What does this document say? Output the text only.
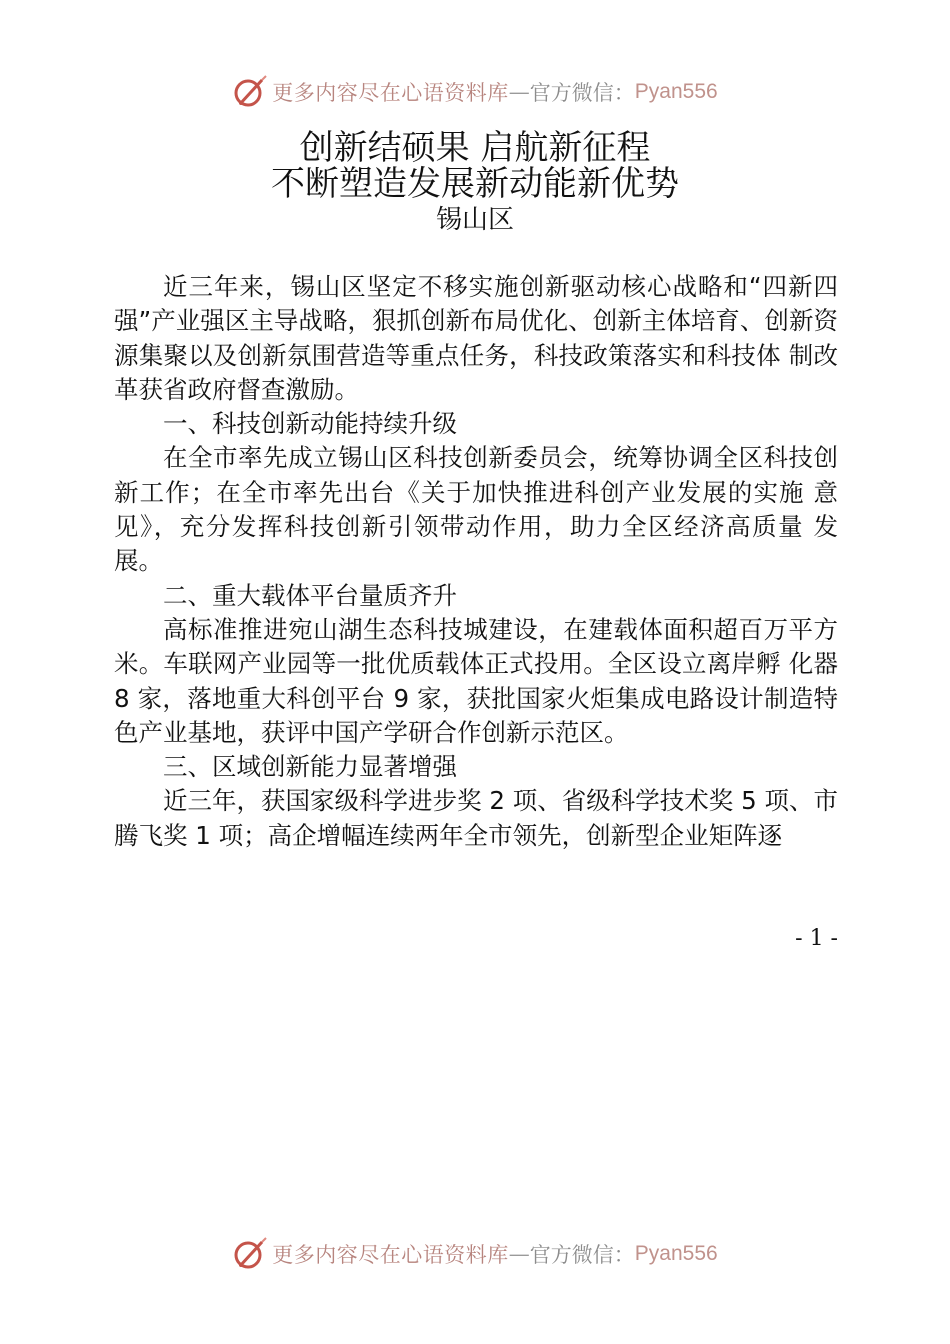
更多内容尽在心语资料库 — 官方微信： Pyan556
创新结硕果 启航新征程
不断塑造发展新动能新优势
锡山区

近三年来，锡山区坚定不移实施创新驱动核心战略和“四新四强”产业强区主导战略，狠抓创新布局优化、创新主体培育、创新资源集聚以及创新氛围营造等重点任务，科技政策落实和科技体 制改革获省政府督查激励。

一、科技创新动能持续升级

在全市率先成立锡山区科技创新委员会，统筹协调全区科技创新工作；在全市率先出台《关于加快推进科创产业发展的实施 意见》，充分发挥科技创新引领带动作用，助力全区经济高质量 发展。

二、重大载体平台量质齐升

高标准推进宛山湖生态科技城建设，在建载体面积超百万平方米。车联网产业园等一批优质载体正式投用。全区设立离岸孵 化器 8 家，落地重大科创平台 9 家，获批国家火炬集成电路设计制造特色产业基地，获评中国产学研合作创新示范区。

三、区域创新能力显著增强

近三年，获国家级科学进步奖 2 项、省级科学技术奖 5 项、市腾飞奖 1 项；高企增幅连续两年全市领先，创新型企业矩阵逐

- 1 -
更多内容尽在心语资料库 — 官方微信： Pyan556
